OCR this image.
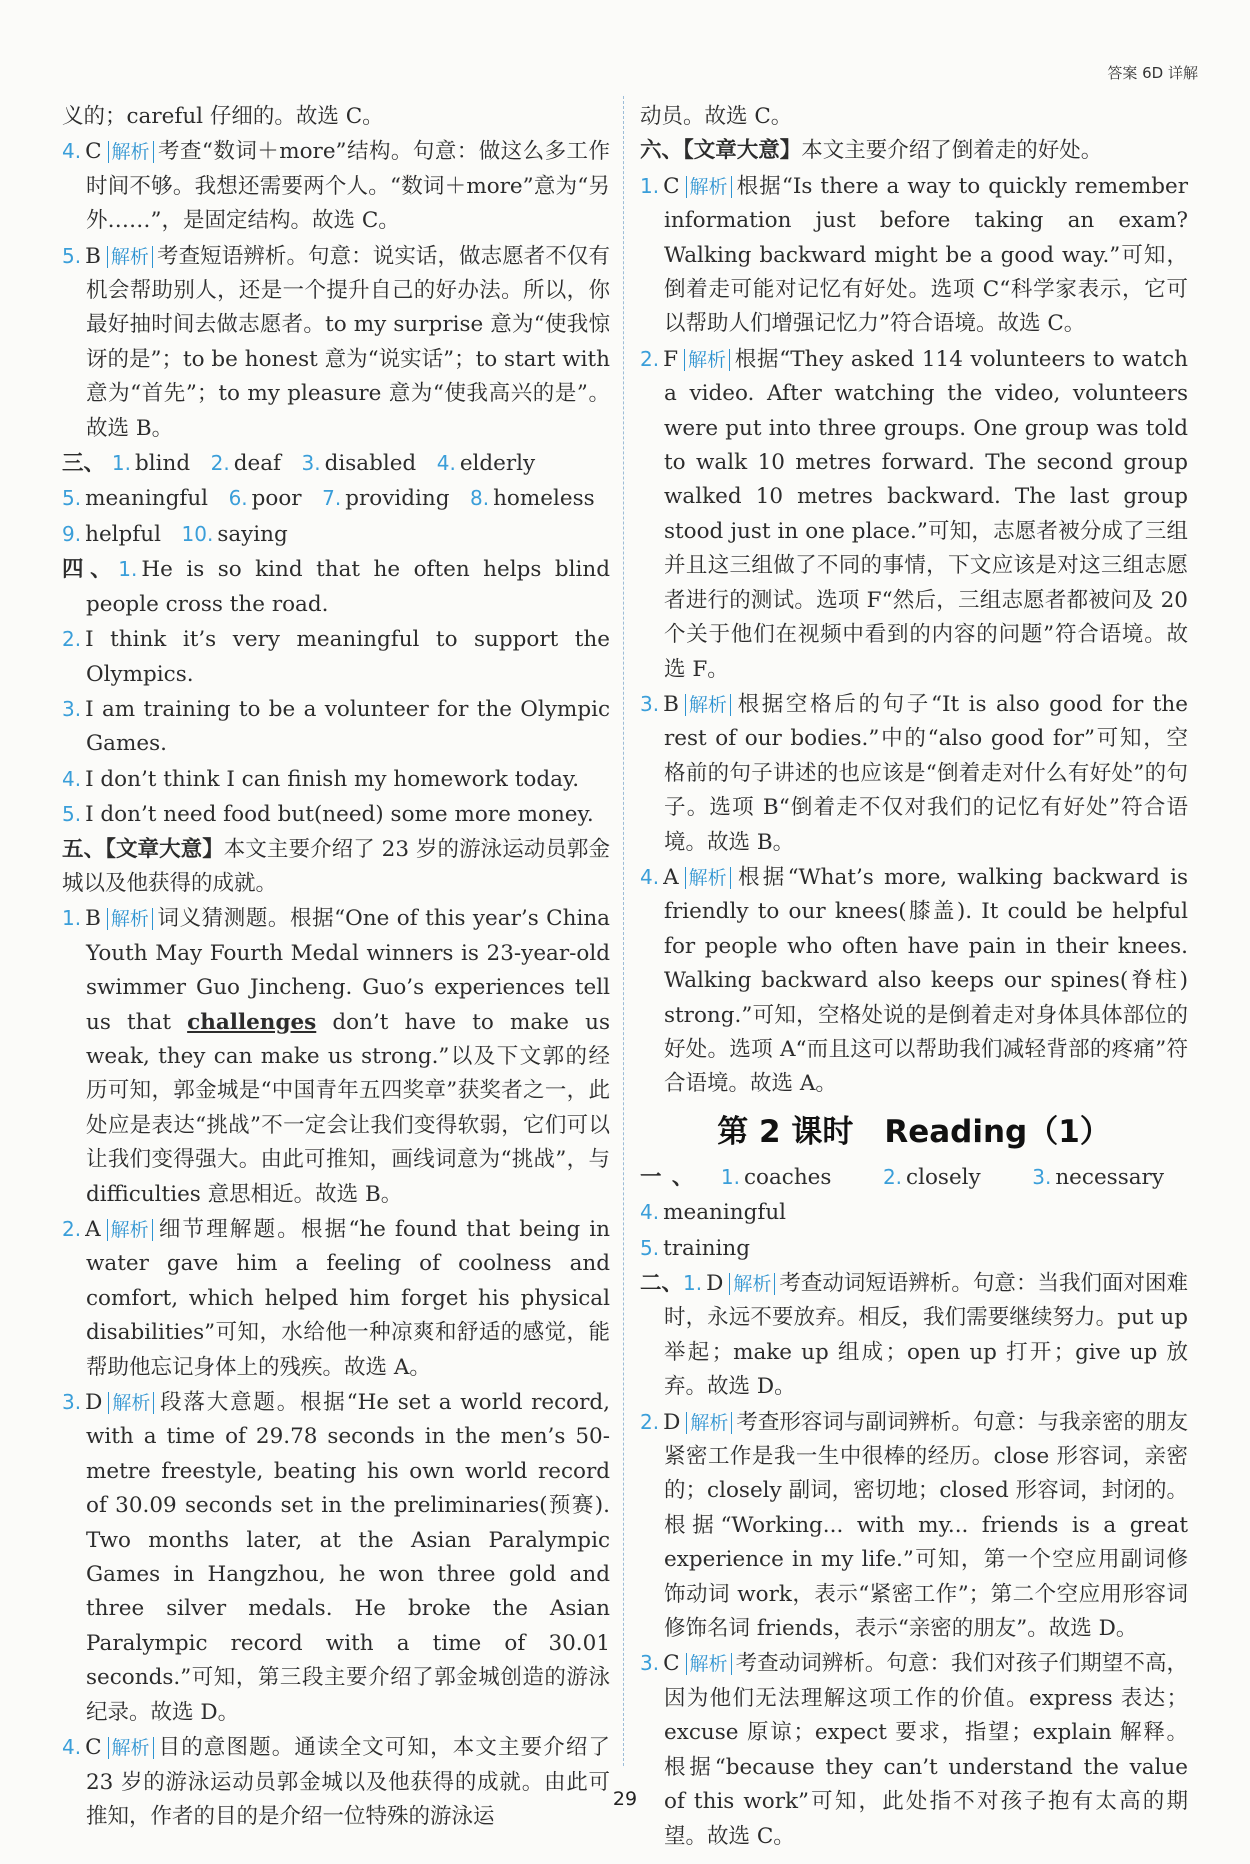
答案 6D 详解

义的；careful 仔细的。故选 C。

4. C 解析 考查“数词＋more”结构。句意：做这么多工作时间不够。我想还需要两个人。“数词＋more”意为“另外……”，是固定结构。故选 C。

5. B 解析 考查短语辨析。句意：说实话，做志愿者不仅有机会帮助别人，还是一个提升自己的好办法。所以，你最好抽时间去做志愿者。to my surprise 意为“使我惊讶的是”；to be honest 意为“说实话”；to start with 意为“首先”；to my pleasure 意为“使我高兴的是”。故选 B。

三、 1. blind 2. deaf 3. disabled 4. elderly
5. meaningful 6. poor 7. providing 8. homeless
9. helpful 10. saying

四、1. He is so kind that he often helps blind people cross the road.

2. I think it’s very meaningful to support the Olympics.

3. I am training to be a volunteer for the Olympic Games.

4. I don’t think I can finish my homework today.

5. I don’t need food but(need) some more money.

五、【文章大意】本文主要介绍了 23 岁的游泳运动员郭金城以及他获得的成就。

1. B 解析 词义猜测题。根据“One of this year’s China Youth May Fourth Medal winners is 23-year-old swimmer Guo Jincheng. Guo’s experiences tell us that challenges don’t have to make us weak, they can make us strong.”以及下文郭的经历可知，郭金城是“中国青年五四奖章”获奖者之一，此处应是表达“挑战”不一定会让我们变得软弱，它们可以让我们变得强大。由此可推知，画线词意为“挑战”，与 difficulties 意思相近。故选 B。

2. A 解析 细节理解题。根据“he found that being in water gave him a feeling of coolness and comfort, which helped him forget his physical disabilities”可知，水给他一种凉爽和舒适的感觉，能帮助他忘记身体上的残疾。故选 A。

3. D 解析 段落大意题。根据“He set a world record, with a time of 29.78 seconds in the men’s 50-metre freestyle, beating his own world record of 30.09 seconds set in the preliminaries(预赛). Two months later, at the Asian Paralympic Games in Hangzhou, he won three gold and three silver medals. He broke the Asian Paralympic record with a time of 30.01 seconds.”可知，第三段主要介绍了郭金城创造的游泳纪录。故选 D。

4. C 解析 目的意图题。通读全文可知，本文主要介绍了 23 岁的游泳运动员郭金城以及他获得的成就。由此可推知，作者的目的是介绍一位特殊的游泳运

动员。故选 C。

六、【文章大意】本文主要介绍了倒着走的好处。

1. C 解析 根据“Is there a way to quickly remember information just before taking an exam? Walking backward might be a good way.”可知，倒着走可能对记忆有好处。选项 C“科学家表示，它可以帮助人们增强记忆力”符合语境。故选 C。

2. F 解析 根据“They asked 114 volunteers to watch a video. After watching the video, volunteers were put into three groups. One group was told to walk 10 metres forward. The second group walked 10 metres backward. The last group stood just in one place.”可知，志愿者被分成了三组并且这三组做了不同的事情，下文应该是对这三组志愿者进行的测试。选项 F“然后，三组志愿者都被问及 20 个关于他们在视频中看到的内容的问题”符合语境。故选 F。

3. B 解析 根据空格后的句子“It is also good for the rest of our bodies.”中的“also good for”可知，空格前的句子讲述的也应该是“倒着走对什么有好处”的句子。选项 B“倒着走不仅对我们的记忆有好处”符合语境。故选 B。

4. A 解析 根据“What’s more, walking backward is friendly to our knees(膝盖). It could be helpful for people who often have pain in their knees. Walking backward also keeps our spines(脊柱) strong.”可知，空格处说的是倒着走对身体具体部位的好处。选项 A“而且这可以帮助我们减轻背部的疼痛”符合语境。故选 A。

第 2 课时　Reading（1）
一、 1. coaches	2. closely	3. necessary   4. meaningful
5. training

二、1. D 解析 考查动词短语辨析。句意：当我们面对困难时，永远不要放弃。相反，我们需要继续努力。put up 举起；make up 组成；open up 打开；give up 放弃。故选 D。

2. D 解析 考查形容词与副词辨析。句意：与我亲密的朋友紧密工作是我一生中很棒的经历。close 形容词，亲密的；closely 副词，密切地；closed 形容词，封闭的。根据“Working... with my... friends is a great experience in my life.”可知，第一个空应用副词修饰动词 work，表示“紧密工作”；第二个空应用形容词修饰名词 friends，表示“亲密的朋友”。故选 D。

3. C 解析 考查动词辨析。句意：我们对孩子们期望不高，因为他们无法理解这项工作的价值。express 表达；excuse 原谅；expect 要求，指望；explain 解释。根据“because they can’t understand the value of this work”可知，此处指不对孩子抱有太高的期望。故选 C。

29
